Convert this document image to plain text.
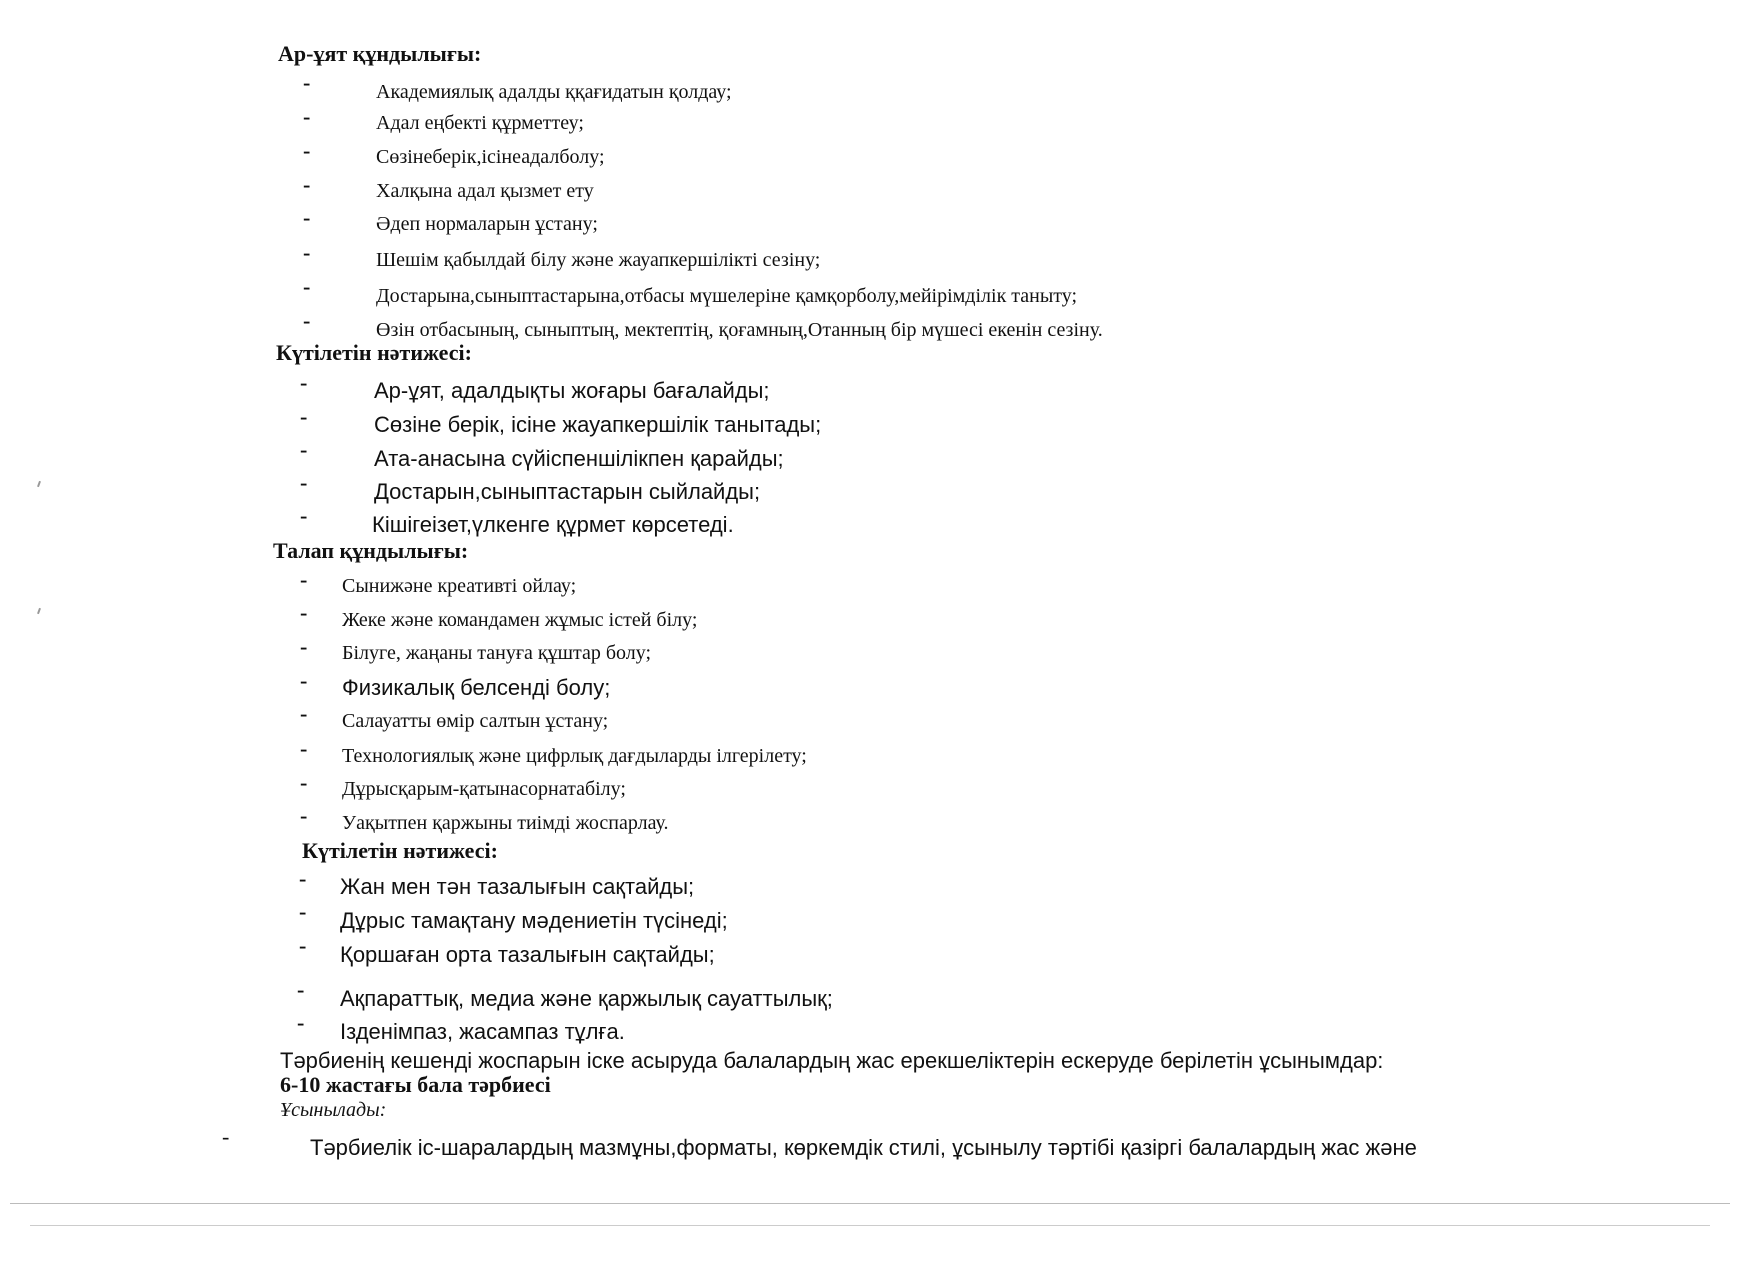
Ар-ұят құндылығы:
-	Академиялық адалды ққағидатын қолдау;
-	Адал еңбекті құрметтеу;
-	Сөзінеберік,ісінеадалболу;
-	Халқына адал қызмет ету
-	Әдеп нормаларын ұстану;
-	Шешім қабылдай білу және жауапкершілікті сезіну;
-	Достарына,сыныптастарына,отбасы мүшелеріне қамқорболу,мейірімділік таныту;
-	Өзін отбасының, сыныптың, мектептің, қоғамның,Отанның бір мүшесі екенін сезіну.
Күтілетін нәтижесі:
-	Ар-ұят, адалдықты жоғары бағалайды;
-	Сөзіне берік, ісіне жауапкершілік танытады;
-	Ата-анасына сүйіспеншілікпен қарайды;
-	Достарын,сыныптастарын сыйлайды;
-	Кішігеізет,үлкенге құрмет көрсетеді.
Талап құндылығы:
- Сынижәне креативті ойлау;
- Жеке және командамен жұмыс істей білу;
- Білуге, жаңаны тануға құштар болу;
- Физикалық белсенді болу;
- Салауатты өмір салтын ұстану;
- Технологиялық және цифрлық дағдыларды ілгерілету;
- Дұрысқарым-қатынасорнатабілу;
- Уақытпен қаржыны тиімді жоспарлау.
Күтілетін нәтижесі:
- Жан мен тән тазалығын сақтайды;
- Дұрыс тамақтану мәдениетін түсінеді;
- Қоршаған орта тазалығын сақтайды;
- Ақпараттық, медиа және қаржылық сауаттылық;
- Ізденімпаз, жасампаз тұлға.
Тәрбиенің кешенді жоспарын іске асыруда балалардың жас ерекшеліктерін ескеруде берілетін ұсынымдар:
6-10 жастағы бала тәрбиесі
Ұсынылады:
-	Тәрбиелік іс-шаралардың мазмұны,форматы, көркемдік стилі, ұсынылу тәртібі қазіргі балалардың жас және
